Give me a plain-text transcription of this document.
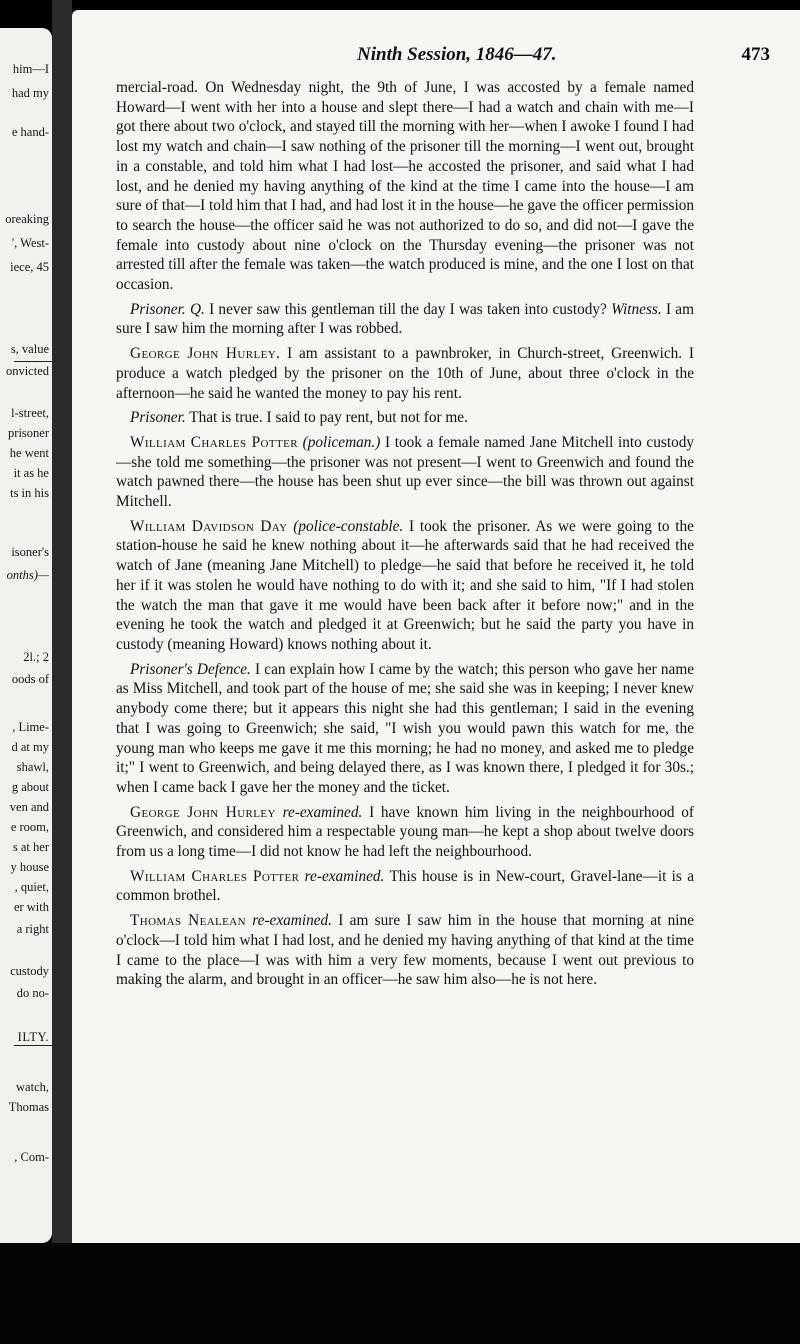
him—I
had my
e hand-
oreaking
', West-
iece, 45
s, value
onvicted
l-street,
prisoner
he went
it as he
ts in his
isoner's
onths)—
2l.; 2
oods of
, Lime-
d at my
shawl,
g about
ven and
e room,
s at her
y house
, quiet,
er with
a right
custody
do no-
ILTY.
watch,
Thomas
, Com-
Ninth Session, 1846—47.	473

mercial-road. On Wednesday night, the 9th of June, I was accosted by a female named Howard—I went with her into a house and slept there—I had a watch and chain with me—I got there about two o'clock, and stayed till the morning with her—when I awoke I found I had lost my watch and chain—I saw nothing of the prisoner till the morning—I went out, brought in a constable, and told him what I had lost—he accosted the prisoner, and said what I had lost, and he denied my having anything of the kind at the time I came into the house—I am sure of that—I told him that I had, and had lost it in the house—he gave the officer permission to search the house—the officer said he was not authorized to do so, and did not—I gave the female into custody about nine o'clock on the Thursday evening—the prisoner was not arrested till after the female was taken—the watch produced is mine, and the one I lost on that occasion.

Prisoner. Q. I never saw this gentleman till the day I was taken into custody? Witness. I am sure I saw him the morning after I was robbed.

George John Hurley. I am assistant to a pawnbroker, in Church-street, Greenwich. I produce a watch pledged by the prisoner on the 10th of June, about three o'clock in the afternoon—he said he wanted the money to pay his rent.

Prisoner. That is true. I said to pay rent, but not for me.

William Charles Potter (policeman.) I took a female named Jane Mitchell into custody—she told me something—the prisoner was not present—I went to Greenwich and found the watch pawned there—the house has been shut up ever since—the bill was thrown out against Mitchell.

William Davidson Day (police-constable. I took the prisoner. As we were going to the station-house he said he knew nothing about it—he afterwards said that he had received the watch of Jane (meaning Jane Mitchell) to pledge—he said that before he received it, he told her if it was stolen he would have nothing to do with it; and she said to him, "If I had stolen the watch the man that gave it me would have been back after it before now;" and in the evening he took the watch and pledged it at Greenwich; but he said the party you have in custody (meaning Howard) knows nothing about it.

Prisoner's Defence. I can explain how I came by the watch; this person who gave her name as Miss Mitchell, and took part of the house of me; she said she was in keeping; I never knew anybody come there; but it appears this night she had this gentleman; I said in the evening that I was going to Greenwich; she said, "I wish you would pawn this watch for me, the young man who keeps me gave it me this morning; he had no money, and asked me to pledge it;" I went to Greenwich, and being delayed there, as I was known there, I pledged it for 30s.; when I came back I gave her the money and the ticket.

George John Hurley re-examined. I have known him living in the neighbourhood of Greenwich, and considered him a respectable young man—he kept a shop about twelve doors from us a long time—I did not know he had left the neighbourhood.

William Charles Potter re-examined. This house is in New-court, Gravel-lane—it is a common brothel.

Thomas Nealean re-examined. I am sure I saw him in the house that morning at nine o'clock—I told him what I had lost, and he denied my having anything of that kind at the time I came to the place—I was with him a very few moments, because I went out previous to making the alarm, and brought in an officer—he saw him also—he is not here.
